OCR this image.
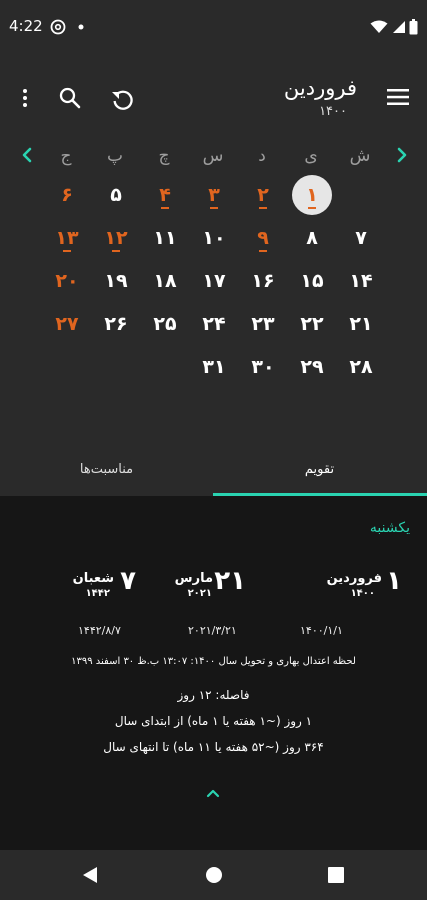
4:22
فروردین
۱۴۰۰
ش
ی
د
س
چ
پ
ج
۱
۲
۳
۴
۵
۶
۷
۸
۹
۱۰
۱۱
۱۲
۱۳
۱۴
۱۵
۱۶
۱۷
۱۸
۱۹
۲۰
۲۱
۲۲
۲۳
۲۴
۲۵
۲۶
۲۷
۲۸
۲۹
۳۰
۳۱
مناسبت‌ها	تقویم
یکشنبه
۱
فروردین
۱۴۰۰
۲۱
مارس
۲۰۲۱
۷
شعبان
۱۴۴۲
۱۴۰۰/۱/۱
۲۰۲۱/۳/۲۱
۱۴۴۲/۸/۷
لحظه اعتدال بهاری و تحویل سال ۱۴۰۰: ۱۳:۰۷ ب.ظ ۳۰ اسفند ۱۳۹۹
فاصله: ۱۲ روز
۱ روز (~۱ هفته یا ۱ ماه) از ابتدای سال
۳۶۴ روز (~۵۲ هفته یا ۱۱ ماه) تا انتهای سال
